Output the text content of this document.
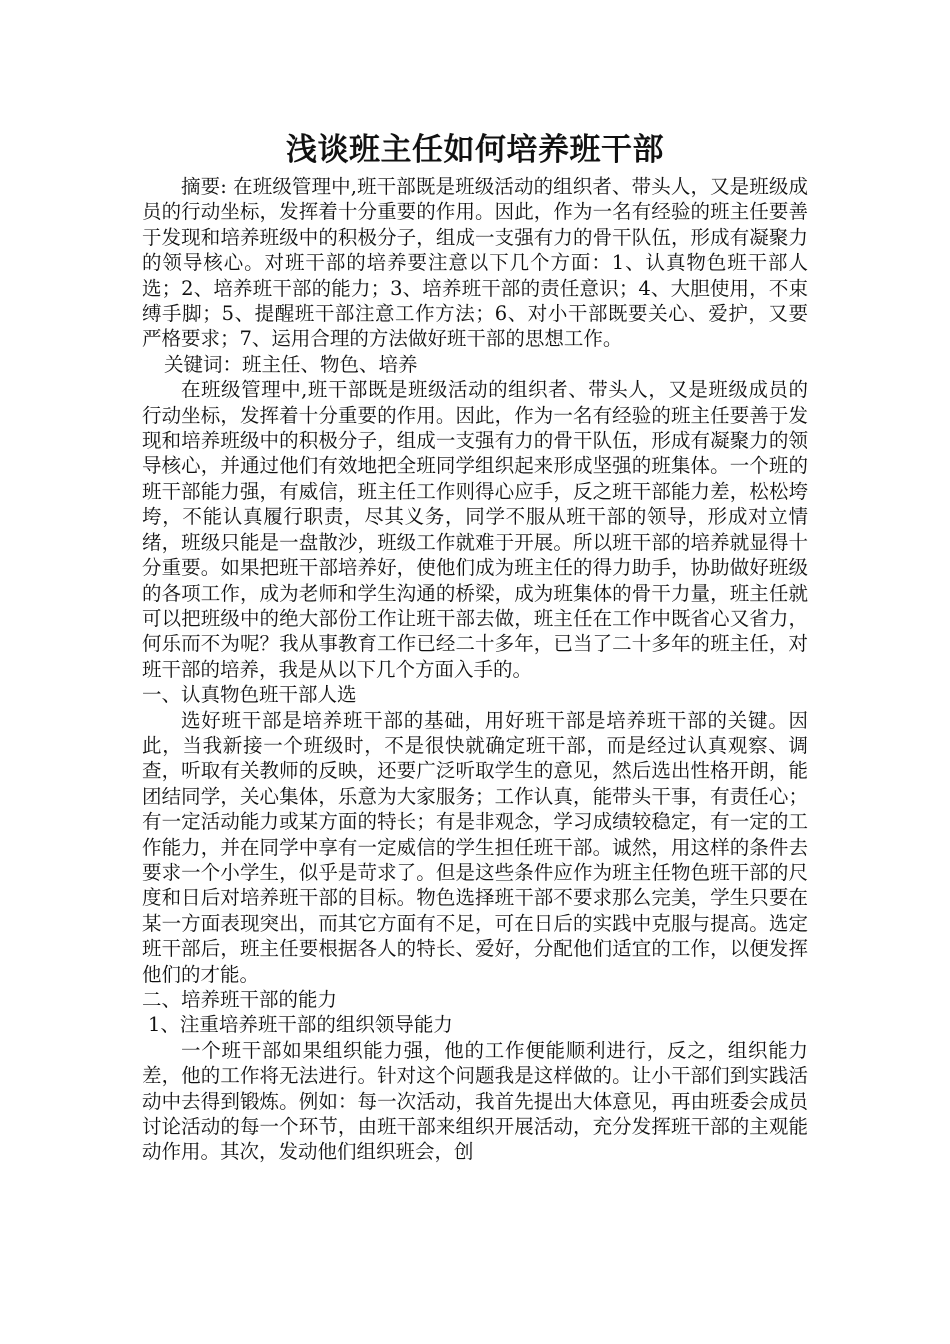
浅谈班主任如何培养班干部

摘要: 在班级管理中,班干部既是班级活动的组织者、带头人，又是班级成员的行动坐标，发挥着十分重要的作用。因此，作为一名有经验的班主任要善于发现和培养班级中的积极分子，组成一支强有力的骨干队伍，形成有凝聚力的领导核心。对班干部的培养要注意以下几个方面：1、认真物色班干部人选；2、培养班干部的能力；3、培养班干部的责任意识；4、大胆使用，不束缚手脚；5、提醒班干部注意工作方法；6、对小干部既要关心、爱护，又要严格要求；7、运用合理的方法做好班干部的思想工作。

关键词：班主任、物色、培养

在班级管理中,班干部既是班级活动的组织者、带头人，又是班级成员的行动坐标，发挥着十分重要的作用。因此，作为一名有经验的班主任要善于发现和培养班级中的积极分子，组成一支强有力的骨干队伍，形成有凝聚力的领导核心，并通过他们有效地把全班同学组织起来形成坚强的班集体。一个班的班干部能力强，有威信，班主任工作则得心应手，反之班干部能力差，松松垮垮，不能认真履行职责，尽其义务，同学不服从班干部的领导，形成对立情绪，班级只能是一盘散沙，班级工作就难于开展。所以班干部的培养就显得十分重要。如果把班干部培养好，使他们成为班主任的得力助手，协助做好班级的各项工作，成为老师和学生沟通的桥梁，成为班集体的骨干力量，班主任就可以把班级中的绝大部份工作让班干部去做，班主任在工作中既省心又省力，何乐而不为呢？我从事教育工作已经二十多年，已当了二十多年的班主任，对班干部的培养，我是从以下几个方面入手的。

一、认真物色班干部人选

选好班干部是培养班干部的基础，用好班干部是培养班干部的关键。因此，当我新接一个班级时，不是很快就确定班干部，而是经过认真观察、调查，听取有关教师的反映，还要广泛听取学生的意见，然后选出性格开朗，能团结同学，关心集体，乐意为大家服务；工作认真，能带头干事，有责任心；有一定活动能力或某方面的特长；有是非观念，学习成绩较稳定，有一定的工作能力，并在同学中享有一定威信的学生担任班干部。诚然，用这样的条件去要求一个小学生，似乎是苛求了。但是这些条件应作为班主任物色班干部的尺度和日后对培养班干部的目标。物色选择班干部不要求那么完美，学生只要在某一方面表现突出，而其它方面有不足，可在日后的实践中克服与提高。选定班干部后，班主任要根据各人的特长、爱好，分配他们适宜的工作，以便发挥他们的才能。

二、培养班干部的能力

1、注重培养班干部的组织领导能力

一个班干部如果组织能力强，他的工作便能顺利进行，反之，组织能力差，他的工作将无法进行。针对这个问题我是这样做的。让小干部们到实践活动中去得到锻炼。例如：每一次活动，我首先提出大体意见，再由班委会成员讨论活动的每一个环节，由班干部来组织开展活动，充分发挥班干部的主观能动作用。其次，发动他们组织班会，创
